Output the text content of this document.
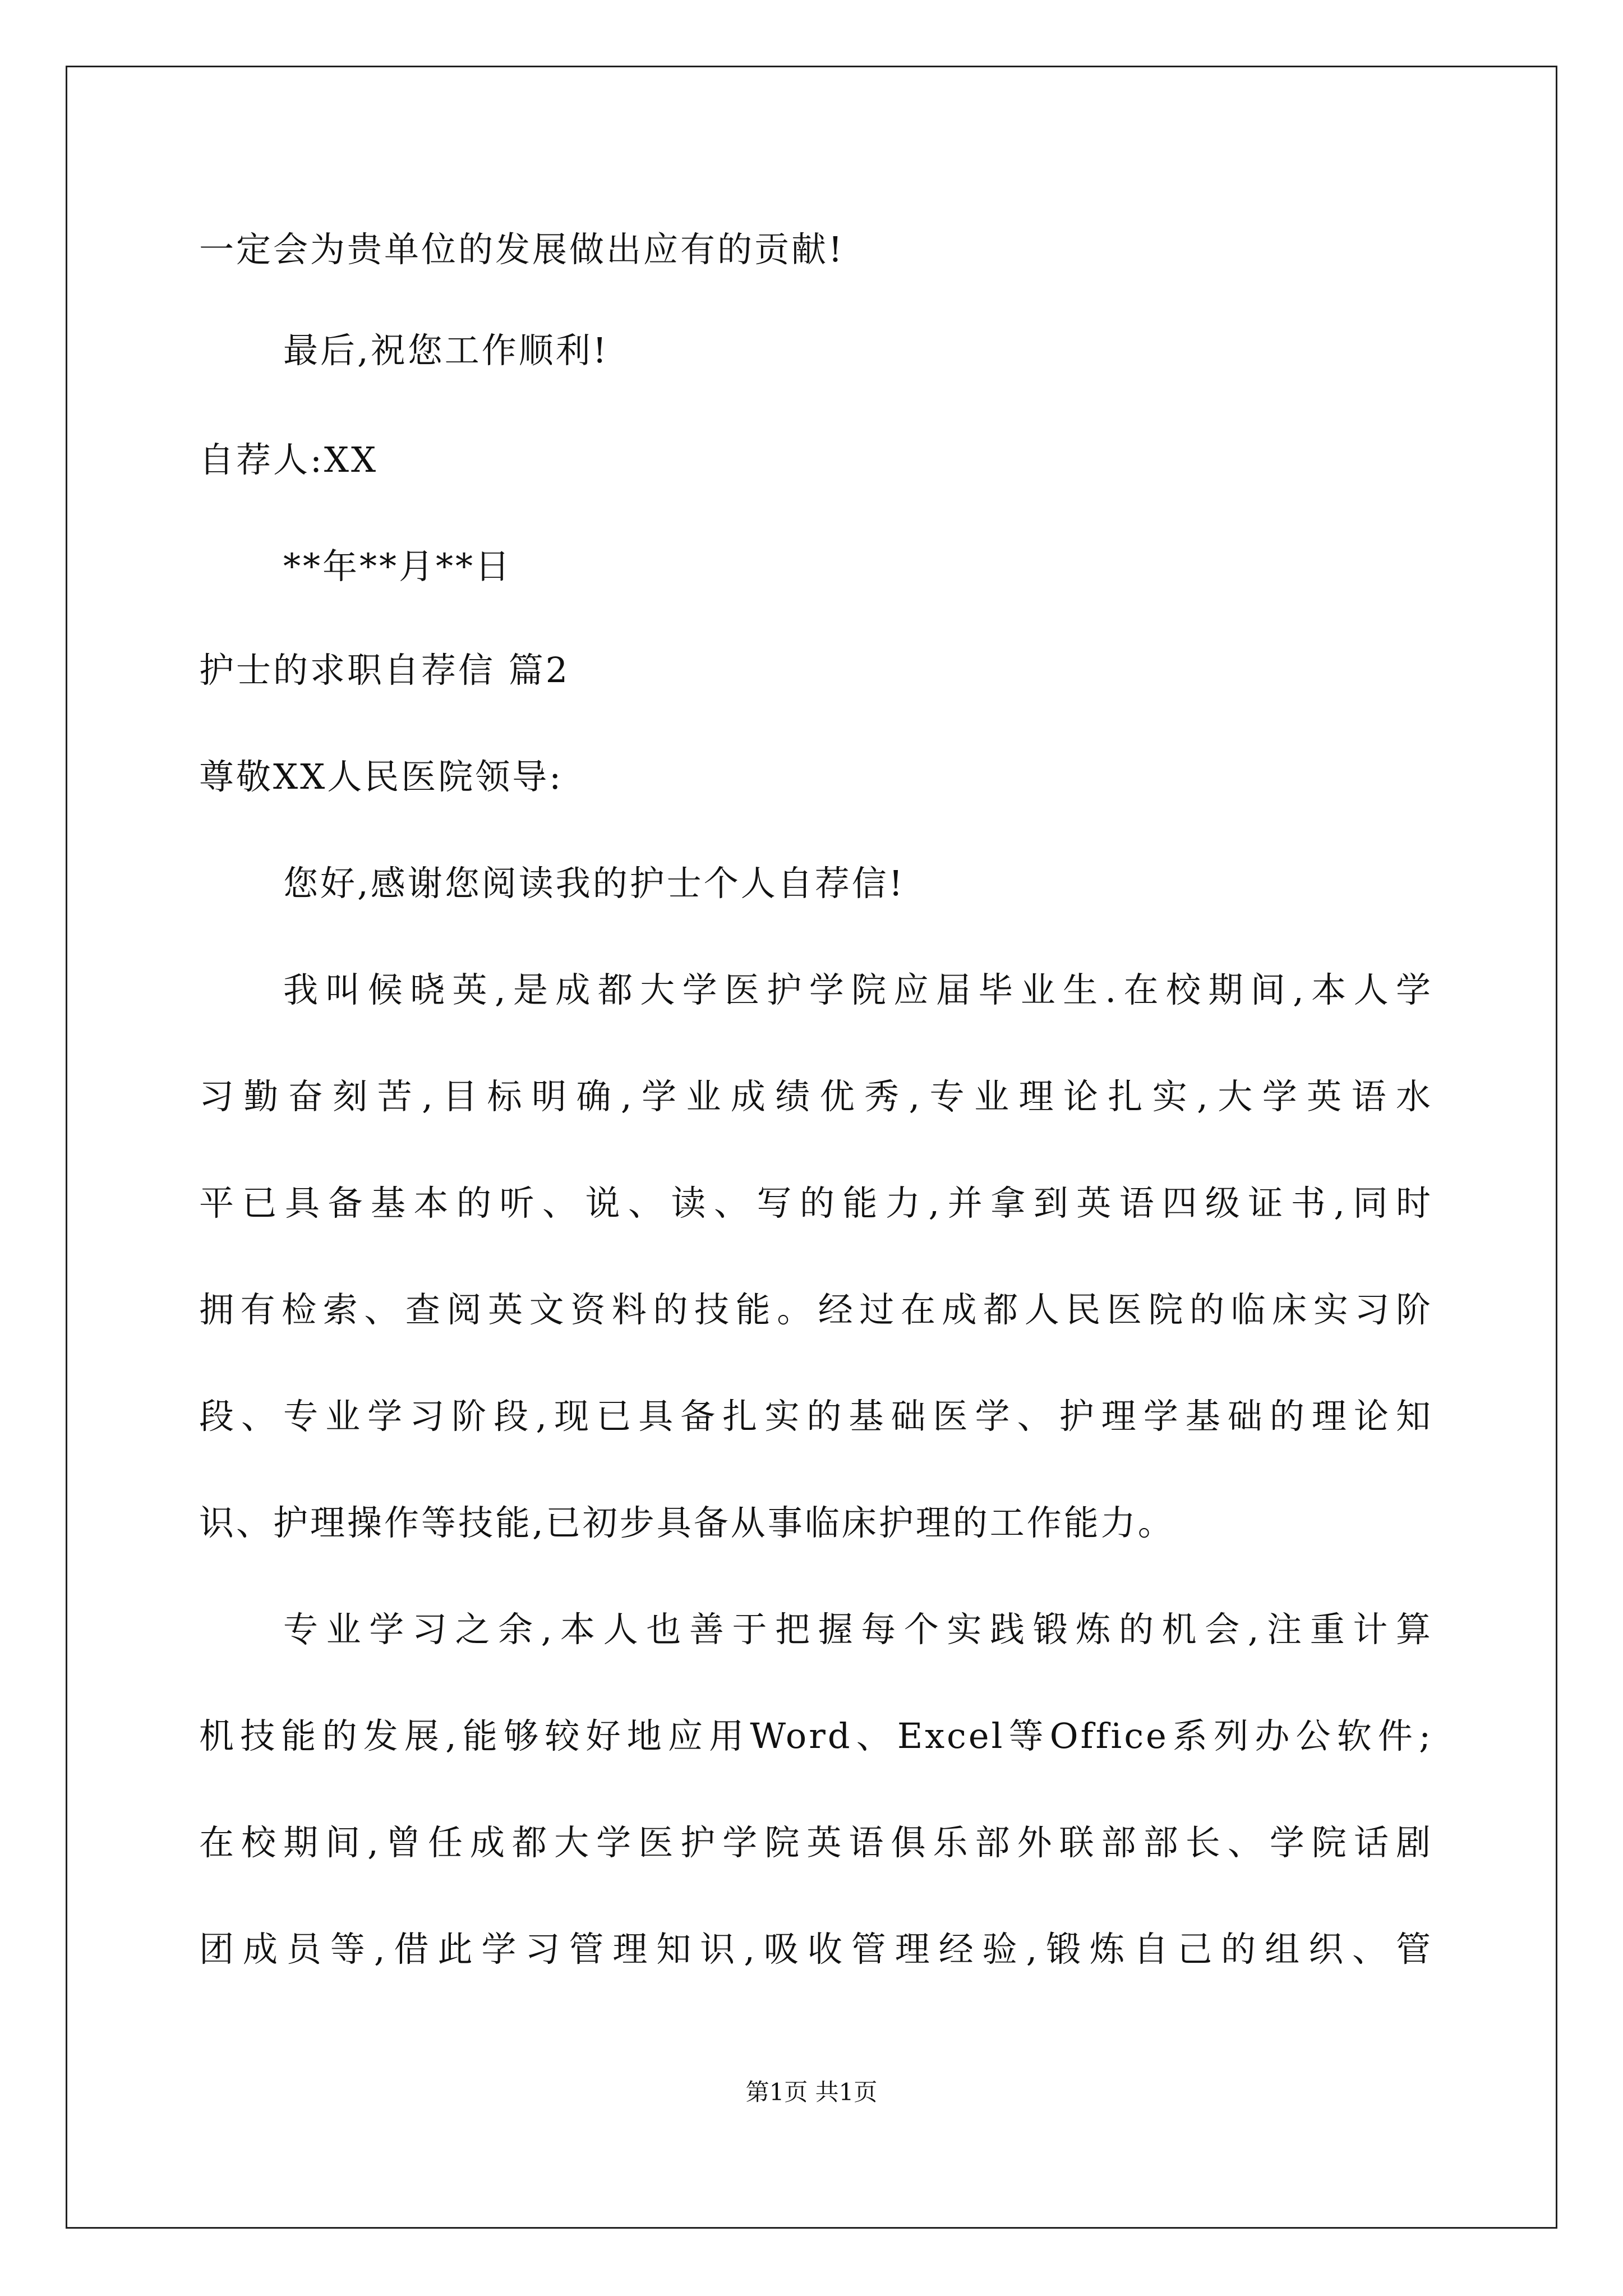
一定会为贵单位的发展做出应有的贡献!
最后,祝您工作顺利!
自荐人:XX
**年**月**日
护士的求职自荐信 篇2
尊敬XX人民医院领导:
您好,感谢您阅读我的护士个人自荐信!
我叫候晓英,是成都大学医护学院应届毕业生.在校期间,本人学
习勤奋刻苦,目标明确,学业成绩优秀,专业理论扎实,大学英语水
平已具备基本的听、说、读、写的能力,并拿到英语四级证书,同时
拥有检索、查阅英文资料的技能。经过在成都人民医院的临床实习阶
段、专业学习阶段,现已具备扎实的基础医学、护理学基础的理论知
识、护理操作等技能,已初步具备从事临床护理的工作能力。
专业学习之余,本人也善于把握每个实践锻炼的机会,注重计算
机技能的发展,能够较好地应用Word、Excel等Office系列办公软件;
在校期间,曾任成都大学医护学院英语俱乐部外联部部长、学院话剧
团成员等,借此学习管理知识,吸收管理经验,锻炼自己的组织、管
第1页 共1页
